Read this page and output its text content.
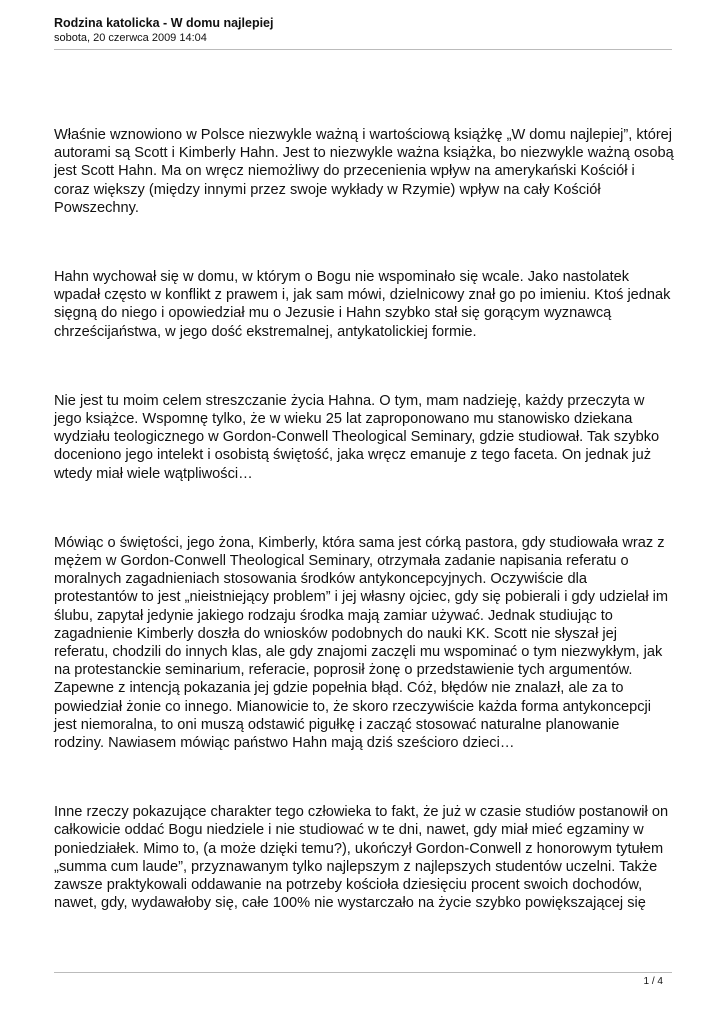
Rodzina katolicka - W domu najlepiej

sobota, 20 czerwca 2009 14:04

Właśnie wznowiono w Polsce niezwykle ważną i wartościową książkę „W domu najlepiej”, której
autorami są Scott i Kimberly Hahn. Jest to niezwykle ważna książka, bo niezwykle ważną osobą
jest Scott Hahn. Ma on wręcz niemożliwy do przecenienia wpływ na amerykański Kościół i
coraz większy (między innymi przez swoje wykłady w Rzymie) wpływ na cały Kościół
Powszechny.

Hahn wychował się w domu, w którym o Bogu nie wspominało się wcale. Jako nastolatek
wpadał często w konflikt z prawem i, jak sam mówi, dzielnicowy znał go po imieniu. Ktoś jednak
sięgną do niego i opowiedział mu o Jezusie i Hahn szybko stał się gorącym wyznawcą
chrześcijaństwa, w jego dość ekstremalnej, antykatolickiej formie.

Nie jest tu moim celem streszczanie życia Hahna. O tym, mam nadzieję, każdy przeczyta w
jego książce. Wspomnę tylko, że w wieku 25 lat zaproponowano mu stanowisko dziekana
wydziału teologicznego w Gordon-Conwell Theological Seminary, gdzie studiował. Tak szybko
doceniono jego intelekt i osobistą świętość, jaka wręcz emanuje z tego faceta. On jednak już
wtedy miał wiele wątpliwości…

Mówiąc o świętości, jego żona, Kimberly, która sama jest córką pastora, gdy studiowała wraz z
mężem w Gordon-Conwell Theological Seminary, otrzymała zadanie napisania referatu o
moralnych zagadnieniach stosowania środków antykoncepcyjnych. Oczywiście dla
protestantów to jest „nieistniejący problem” i jej własny ojciec, gdy się pobierali i gdy udzielał im
ślubu, zapytał jedynie jakiego rodzaju środka mają zamiar używać. Jednak studiując to
zagadnienie Kimberly doszła do wniosków podobnych do nauki KK. Scott nie słyszał jej
referatu, chodzili do innych klas, ale gdy znajomi zaczęli mu wspominać o tym niezwykłym, jak
na protestanckie seminarium, referacie, poprosił żonę o przedstawienie tych argumentów.
Zapewne z intencją pokazania jej gdzie popełnia błąd. Cóż, błędów nie znalazł, ale za to
powiedział żonie co innego. Mianowicie to, że skoro rzeczywiście każda forma antykoncepcji
jest niemoralna, to oni muszą odstawić pigułkę i zacząć stosować naturalne planowanie
rodziny. Nawiasem mówiąc państwo Hahn mają dziś sześcioro dzieci…

Inne rzeczy pokazujące charakter tego człowieka to fakt, że już w czasie studiów postanowił on
całkowicie oddać Bogu niedziele i nie studiować w te dni, nawet, gdy miał mieć egzaminy w
poniedziałek. Mimo to, (a może dzięki temu?), ukończył Gordon-Conwell z honorowym tytułem
„summa cum laude”, przyznawanym tylko najlepszym z najlepszych studentów uczelni. Także
zawsze praktykowali oddawanie na potrzeby kościoła dziesięciu procent swoich dochodów,
nawet, gdy, wydawałoby się, całe 100% nie wystarczało na życie szybko powiększającej się

1 / 4
